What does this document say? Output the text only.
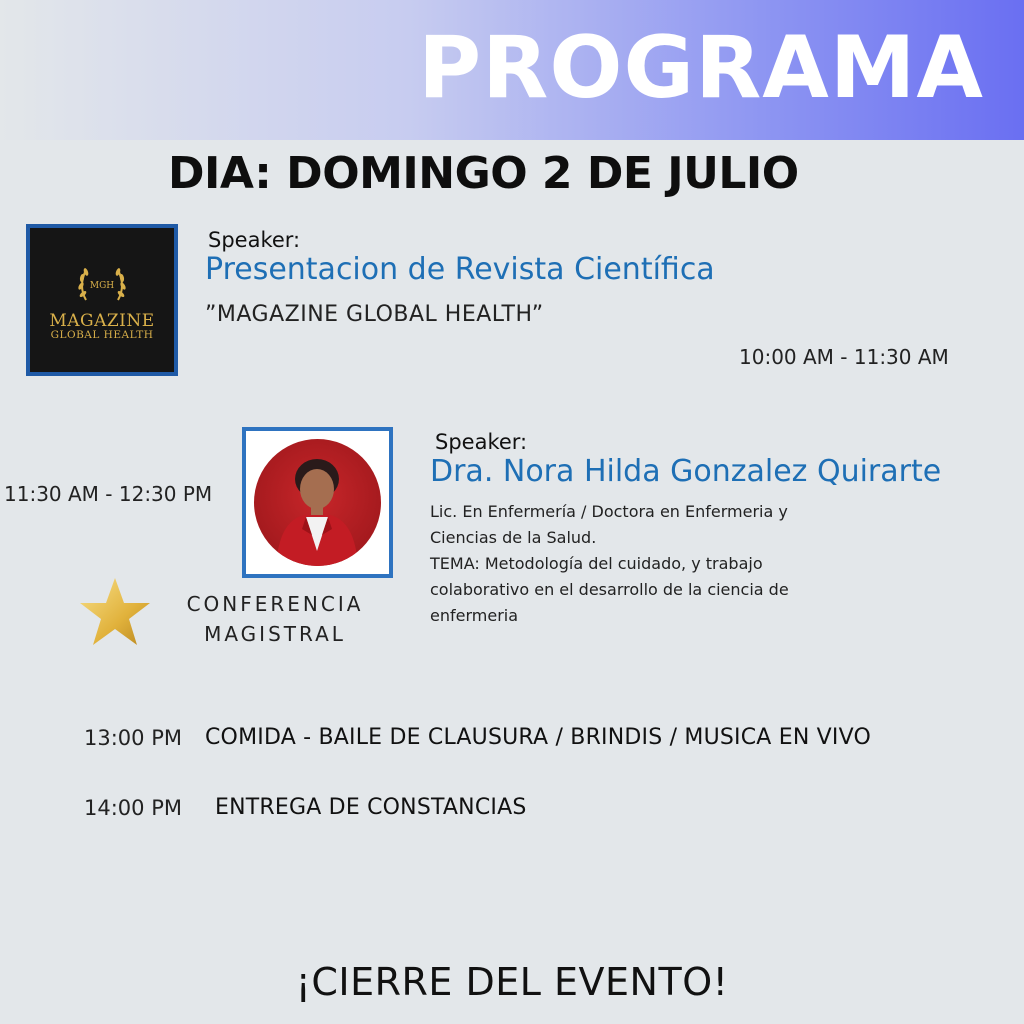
PROGRAMA
DIA: DOMINGO 2 DE JULIO
MGH
MAGAZINE
GLOBAL HEALTH
Speaker:
Presentacion de Revista Científica
”MAGAZINE GLOBAL HEALTH”
10:00 AM - 11:30 AM
11:30 AM - 12:30 PM
Speaker:
Dra. Nora Hilda Gonzalez Quirarte
Lic. En Enfermería / Doctora en Enfermeria y
Ciencias de la Salud.
TEMA: Metodología del cuidado, y trabajo
colaborativo en el desarrollo de la ciencia de
enfermeria
CONFERENCIA
MAGISTRAL
13:00 PM COMIDA - BAILE DE CLAUSURA / BRINDIS / MUSICA EN VIVO
14:00 PM ENTREGA DE CONSTANCIAS
¡CIERRE DEL EVENTO!
